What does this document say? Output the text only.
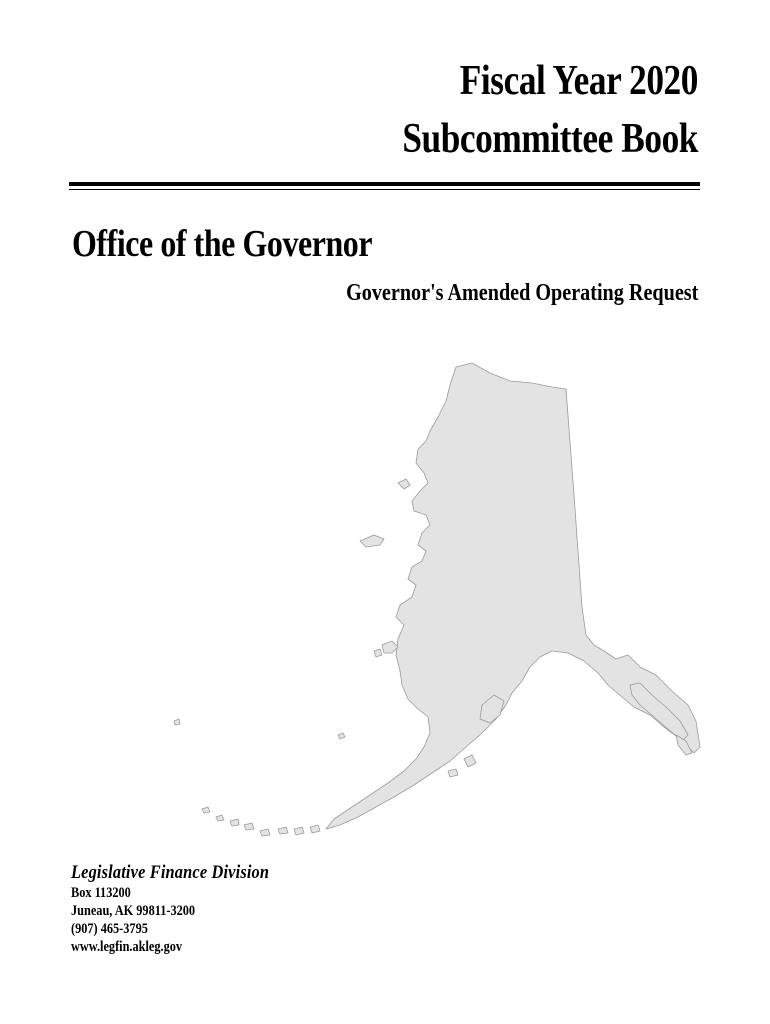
Fiscal Year 2020
Subcommittee Book
Office of the Governor
Governor's Amended Operating Request
Legislative Finance Division
Box 113200
Juneau, AK 99811-3200
(907) 465-3795
www.legfin.akleg.gov
